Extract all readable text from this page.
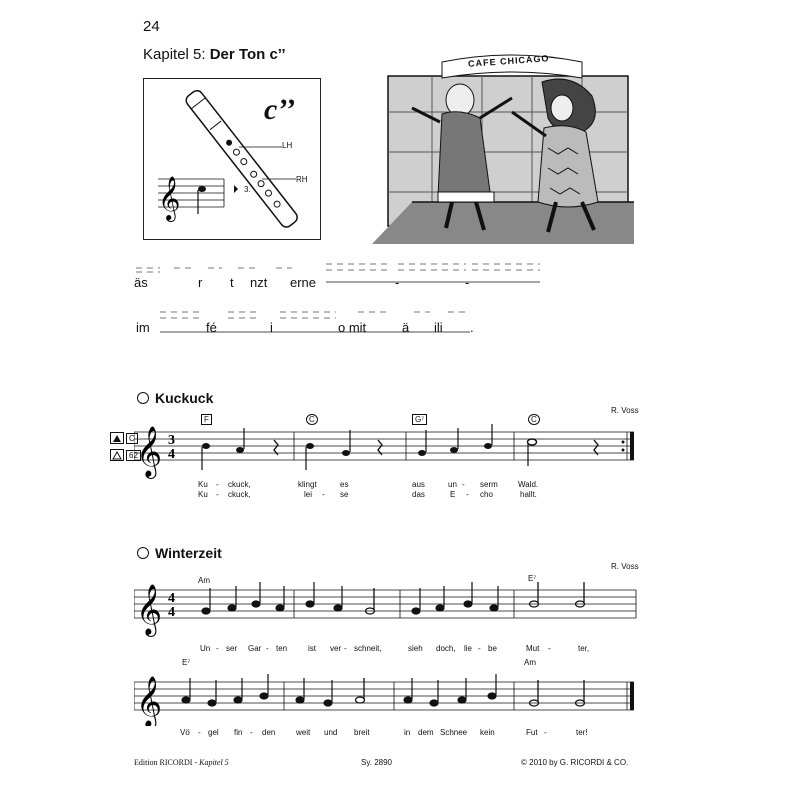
24
Kapitel 5: Der Ton c’’
𝄞
c’’
LH
RH
3.
CAFE CHICAGO
äs	r t nzt erne	-	-
im	fé	i	o mit	ä ili .
Kuckuck
R. Voss
C
62
𝄞 3
4
F	C	G⁷	C
Ku - ckuck,	klingt	es	aus	un - serm	Wald.
Ku - ckuck,	lei - se	das	E - cho	hallt.
Winterzeit
R. Voss
𝄞 4
4
Am	E⁷
Un - ser Gar - ten	ist ver - schneit,	sieh doch, lie - be	Mut -	ter,
𝄞
E⁷	Am
Vö - gel fin - den	weit und breit	in dem Schnee kein	Fut -	ter!
Edition RICORDI - Kapitel 5	Sy. 2890	© 2010 by G. RICORDI & CO.
